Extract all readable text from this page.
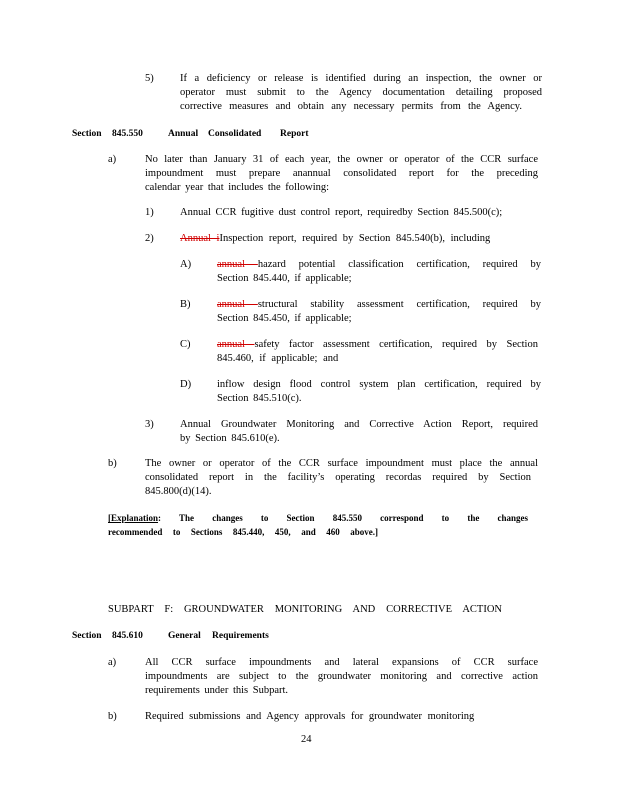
5)	If a deficiency or release is identified during an inspection, the owner or
operator must submit to the Agency documentation detailing proposed
corrective measures and obtain any necessary permits from the Agency.
Section 845.550	Annual Consolidated Report
a)	No later than January 31 of each year, the owner or operator of the CCR surface
impoundment must prepare anannual consolidated report for the preceding
calendar year that includes the following:
1)	Annual CCR fugitive dust control report, requiredby Section 845.500(c);
2)	Annual iInspection report, required by Section 845.540(b), including
A) annual hazard potential classification certification, required by
Section 845.440, if applicable;
B)	annual structural stability assessment certification, required by
Section 845.450, if applicable;
C)	annual safety factor assessment certification, required by Section
845.460, if applicable; and
D) inflow design flood control system plan certification, required by
Section 845.510(c).
3)	Annual Groundwater Monitoring and Corrective Action Report, required
by Section 845.610(e).
b)	The owner or operator of the CCR surface impoundment must place the annual
consolidated report in the facility’s operating recordas required by Section
845.800(d)(14).
[Explanation: The changes to Section 845.550 correspond to the changes
recommended to Sections 845.440, 450, and 460 above.]
SUBPART F: GROUNDWATER MONITORING AND CORRECTIVE ACTION
Section 845.610	General Requirements
a)	All CCR surface impoundments and lateral expansions of CCR surface
impoundments are subject to the groundwater monitoring and corrective action
requirements under this Subpart.
b)	Required submissions and Agency approvals for groundwater monitoring
24
